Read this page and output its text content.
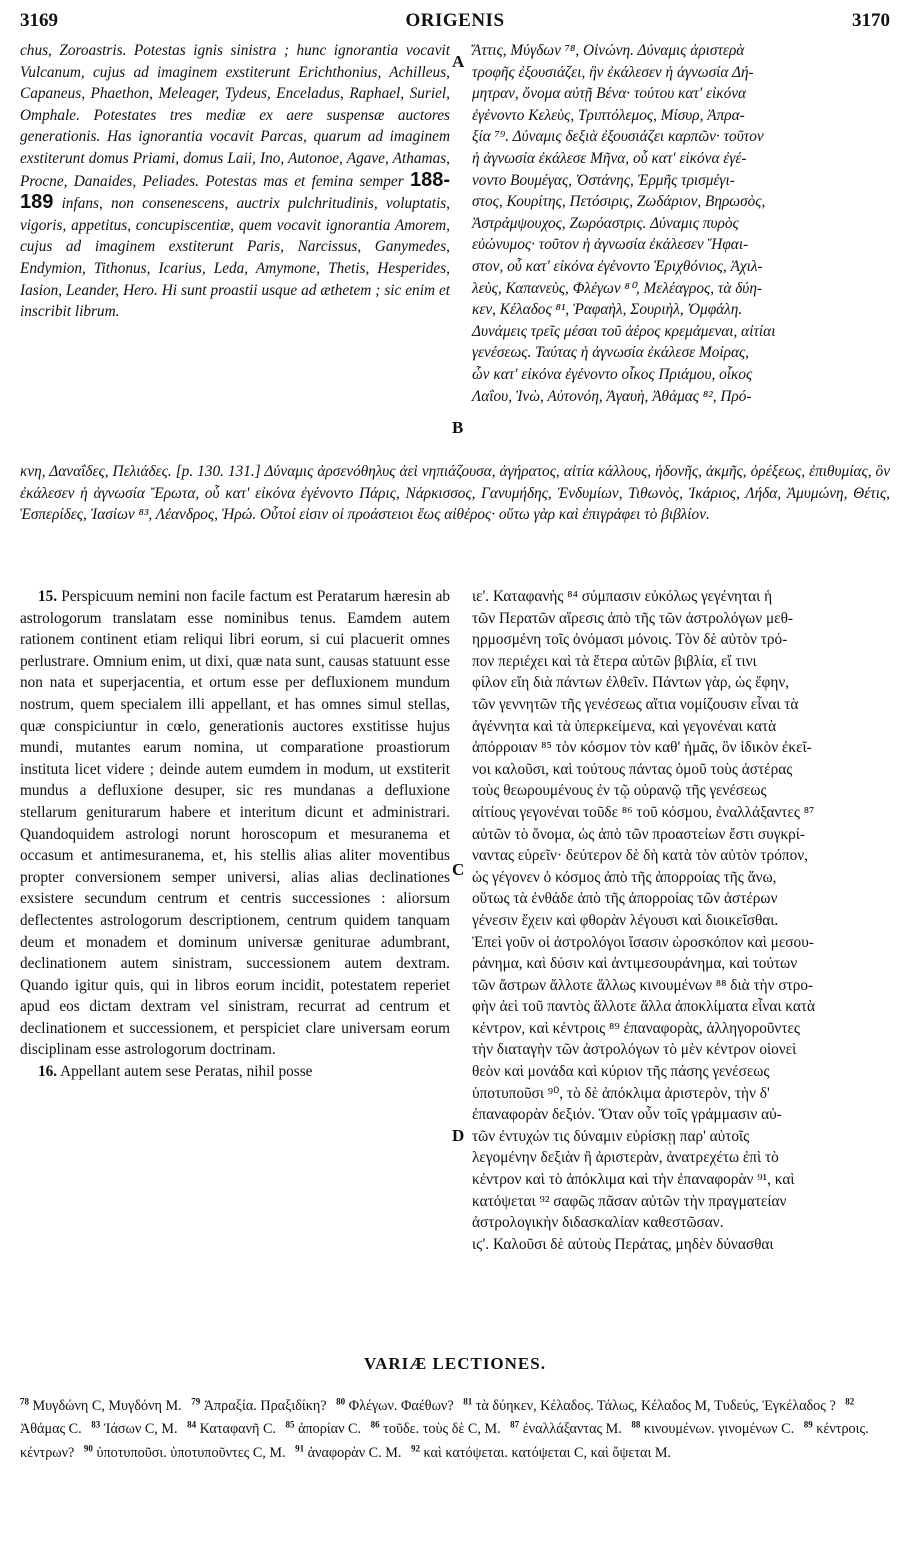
3169	ORIGENIS	3170
A
B
C
D
chus, Zoroastris. Potestas ignis sinistra ; hunc ignorantia vocavit Vulcanum, cujus ad imaginem exstiterunt Erichthonius, Achilleus, Capaneus, Phaethon, Meleager, Tydeus, Enceladus, Raphael, Suriel, Omphale. Potestates tres mediæ ex aere suspensæ auctores generationis. Has ignorantia vocavit Parcas, quarum ad imaginem exstiterunt domus Priami, domus Laii, Ino, Autonoe, Agave, Athamas, Procne, Danaides, Peliades. Potestas mas et femina semper 188-189 infans, non consenescens, auctrix pulchritudinis, voluptatis, vigoris, appetitus, concupiscentiæ, quem vocavit ignorantia Amorem, cujus ad imaginem exstiterunt Paris, Narcissus, Ganymedes, Endymion, Tithonus, Icarius, Leda, Amymone, Thetis, Hesperides, Iasion, Leander, Hero. Hi sunt proastii usque ad æthetem ; sic enim et inscribit librum.
Ἄττις, Μύγδων ⁷⁸, Οἰνώνη. Δύναμις ἀριστερὰ
τροφῆς ἐξουσιάζει, ἣν ἐκάλεσεν ἡ ἀγνωσία Δή-
μητραν, ὄνομα αὐτῇ Βένα· τούτου κατ' εἰκόνα
ἐγένοντο Κελεὺς, Τριπτόλεμος, Μίσυρ, Ἀπρα-
ξία ⁷⁹. Δύναμις δεξιὰ ἐξουσιάζει καρπῶν· τοῦτον
ἡ ἀγνωσία ἐκάλεσε Μῆνα, οὗ κατ' εἰκόνα ἐγέ-
νοντο Βουμέγας, Ὀστάνης, Ἑρμῆς τρισμέγι-
στος, Κουρίτης, Πετόσιρις, Ζωδάριον, Βηρωσὸς,
Ἀστράμψουχος, Ζωρόαστρις. Δύναμις πυρὸς
εὐώνυμος· τοῦτον ἡ ἀγνωσία ἐκάλεσεν Ἥφαι-
στον, οὗ κατ' εἰκόνα ἐγένοντο Ἐριχθόνιος, Ἀχιλ-
λεὺς, Καπανεὺς, Φλέγων ⁸⁰, Μελέαγρος, τὰ δύη-
κεν, Κέλαδος ⁸¹, Ῥαφαὴλ, Σουριὴλ, Ὀμφάλη.
Δυνάμεις τρεῖς μέσαι τοῦ ἀέρος κρεμάμεναι, αἰτίαι
γενέσεως. Ταύτας ἡ ἀγνωσία ἐκάλεσε Μοίρας,
ὧν κατ' εἰκόνα ἐγένοντο οἶκος Πριάμου, οἶκος
Λαΐου, Ἰνὼ, Αὐτονόη, Ἀγαυὴ, Ἀθάμας ⁸², Πρό-
κνη, Δαναΐδες, Πελιάδες. [p. 130. 131.] Δύναμις ἀρσενόθηλυς ἀεὶ νηπιάζουσα, ἀγήρατος, αἰτία κάλλους, ἡδονῆς, ἀκμῆς, ὀρέξεως, ἐπιθυμίας, ὃν ἐκάλεσεν ἡ ἀγνωσία Ἔρωτα, οὗ κατ' εἰκόνα ἐγένοντο Πάρις, Νάρκισσος, Γανυμήδης, Ἐνδυμίων, Τιθωνὸς, Ἰκάριος, Λήδα, Ἀμυμώνη, Θέτις, Ἑσπερίδες, Ἰασίων ⁸³, Λέανδρος, Ἡρώ. Οὗτοί εἰσιν οἱ προάστειοι ἕως αἰθέρος· οὕτω γὰρ καὶ ἐπιγράφει τὸ βιβλίον.

15. Perspicuum nemini non facile factum est Peratarum hæresin ab astrologorum translatam esse nominibus tenus. Eamdem autem rationem continent etiam reliqui libri eorum, si cui placuerit omnes perlustrare. Omnium enim, ut dixi, quæ nata sunt, causas statuunt esse non nata et superjacentia, et ortum esse per defluxionem mundum nostrum, quem specialem illi appellant, et has omnes simul stellas, quæ conspiciuntur in cœlo, generationis auctores exstitisse hujus mundi, mutantes earum nomina, ut comparatione proastiorum instituta licet videre ; deinde autem eumdem in modum, ut exstiterit mundus a defluxione desuper, sic res mundanas a defluxione stellarum geniturarum habere et interitum dicunt et administrari. Quandoquidem astrologi norunt horoscopum et mesuranema et occasum et antimesuranema, et, his stellis alias aliter moventibus propter conversionem semper universi, alias alias declinationes exsistere secundum centrum et centris successiones : aliorsum deflectentes astrologorum descriptionem, centrum quidem tanquam deum et monadem et dominum universæ geniturae adumbrant, declinationem autem sinistram, successionem autem dextram. Quando igitur quis, qui in libros eorum incidit, potestatem reperiet apud eos dictam dextram vel sinistram, recurrat ad centrum et declinationem et successionem, et perspiciet clare universam eorum disciplinam esse astrologorum doctrinam.

16. Appellant autem sese Peratas, nihil posse

ιε'. Καταφανὴς ⁸⁴ σύμπασιν εὐκόλως γεγένηται ἡ
τῶν Περατῶν αἵρεσις ἀπὸ τῆς τῶν ἀστρολόγων μεθ-
ηρμοσμένη τοῖς ὀνόμασι μόνοις. Τὸν δὲ αὐτὸν τρό-
πον περιέχει καὶ τὰ ἕτερα αὐτῶν βιβλία, εἴ τινι
φίλον εἴη διὰ πάντων ἐλθεῖν. Πάντων γὰρ, ὡς ἔφην,
τῶν γεννητῶν τῆς γενέσεως αἴτια νομίζουσιν εἶναι τὰ
ἀγέννητα καὶ τὰ ὑπερκείμενα, καὶ γεγονέναι κατὰ
ἀπόρροιαν ⁸⁵ τὸν κόσμον τὸν καθ' ἡμᾶς, ὃν ἰδικὸν ἐκεῖ-
νοι καλοῦσι, καὶ τούτους πάντας ὁμοῦ τοὺς ἀστέρας
τοὺς θεωρουμένους ἐν τῷ οὐρανῷ τῆς γενέσεως
αἰτίους γεγονέναι τοῦδε ⁸⁶ τοῦ κόσμου, ἐναλλάξαντες ⁸⁷
αὐτῶν τὸ ὄνομα, ὡς ἀπὸ τῶν προαστείων ἔστι συγκρί-
ναντας εὑρεῖν· δεύτερον δὲ δὴ κατὰ τὸν αὐτὸν τρόπον,
ὡς γέγονεν ὁ κόσμος ἀπὸ τῆς ἀπορροίας τῆς ἄνω,
οὕτως τὰ ἐνθάδε ἀπὸ τῆς ἀπορροίας τῶν ἀστέρων
γένεσιν ἔχειν καὶ φθορὰν λέγουσι καὶ διοικεῖσθαι.
Ἐπεὶ γοῦν οἱ ἀστρολόγοι ἴσασιν ὡροσκόπον καὶ μεσου-
ράνημα, καὶ δύσιν καὶ ἀντιμεσουράνημα, καὶ τούτων
τῶν ἄστρων ἄλλοτε ἄλλως κινουμένων ⁸⁸ διὰ τὴν στρο-
φὴν ἀεὶ τοῦ παντὸς ἄλλοτε ἄλλα ἀποκλίματα εἶναι κατὰ
κέντρον, καὶ κέντροις ⁸⁹ ἐπαναφορὰς, ἀλληγοροῦντες
τὴν διαταγὴν τῶν ἀστρολόγων τὸ μὲν κέντρον οἱονεὶ
θεὸν καὶ μονάδα καὶ κύριον τῆς πάσης γενέσεως
ὑποτυποῦσι ⁹⁰, τὸ δὲ ἀπόκλιμα ἀριστερὸν, τὴν δ'
ἐπαναφορὰν δεξιόν. Ὅταν οὖν τοῖς γράμμασιν αὐ-
τῶν ἐντυχών τις δύναμιν εὑρίσκῃ παρ' αὐτοῖς
λεγομένην δεξιὰν ἢ ἀριστερὰν, ἀνατρεχέτω ἐπὶ τὸ
κέντρον καὶ τὸ ἀπόκλιμα καὶ τὴν ἐπαναφορὰν ⁹¹, καὶ
κατόψεται ⁹² σαφῶς πᾶσαν αὐτῶν τὴν πραγματείαν
ἀστρολογικὴν διδασκαλίαν καθεστῶσαν.
ιϛ'. Καλοῦσι δὲ αὐτοὺς Περάτας, μηδὲν δύνασθαι
VARIÆ LECTIONES.
$^{78}$ Μυγδώνη C, Μυγδόνη M. $^{79}$ Ἀπραξία. Πραξιδίκη? $^{80}$ Φλέγων. Φαέθων? $^{81}$ τὰ δύηκεν, Κέλαδος. Τάλως, Κέλαδος M, Τυδεύς, Ἐγκέλαδος ? $^{82}$ Ἀθάμας C. $^{83}$ Ἰάσων C, M. $^{84}$ Καταφανῆ C. $^{85}$ ἀπορίαν C. $^{86}$ τοῦδε. τοὺς δὲ C, M. $^{87}$ ἐναλλάξαντας M. $^{88}$ κινουμένων. γινομένων C. $^{89}$ κέντροις. κέντρων? $^{90}$ ὑποτυποῦσι. ὑποτυποῦντες C, M. $^{91}$ ἀναφορὰν C. M. $^{92}$ καὶ κατόψεται. κατόψεται C, καὶ ὄψεται M.
